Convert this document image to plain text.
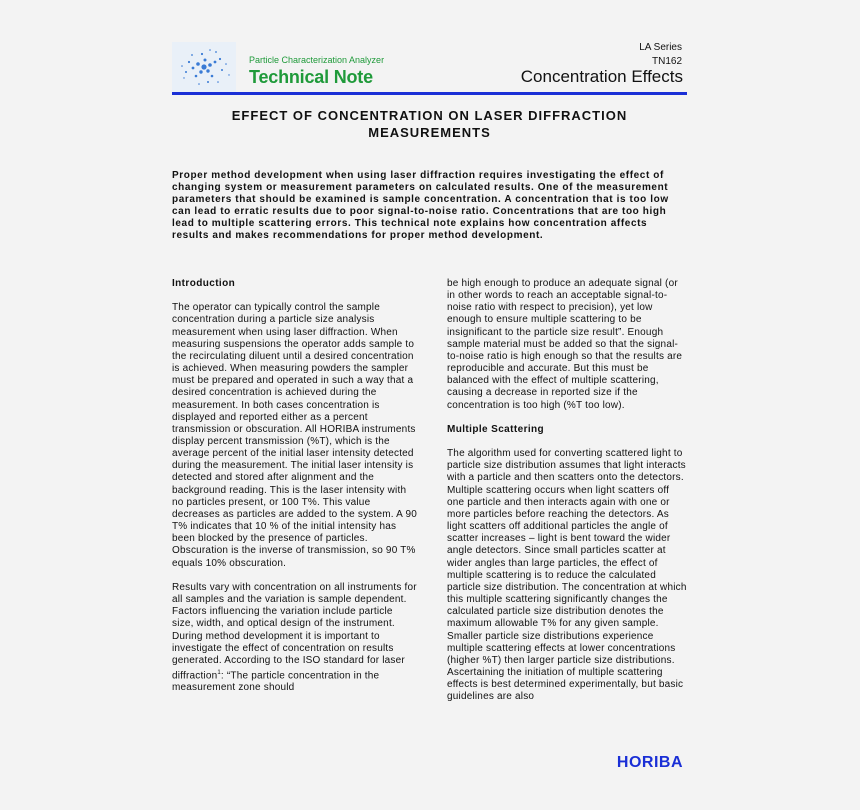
Particle Characterization Analyzer
Technical Note
LA Series
TN162
Concentration Effects
EFFECT OF CONCENTRATION ON LASER DIFFRACTION
MEASUREMENTS

Proper method development when using laser diffraction requires investigating the effect of changing system or measurement parameters on calculated results. One of the measurement parameters that should be examined is sample concentration. A concentration that is too low can lead to erratic results due to poor signal-to-noise ratio. Concentrations that are too high lead to multiple scattering errors. This technical note explains how concentration affects results and makes recommendations for proper method development.

Introduction

The operator can typically control the sample concentration during a particle size analysis measurement when using laser diffraction. When measuring suspensions the operator adds sample to the recirculating diluent until a desired concentration is achieved. When measuring powders the sampler must be prepared and operated in such a way that a desired concentration is achieved during the measurement. In both cases concentration is displayed and reported either as a percent transmission or obscuration. All HORIBA instruments display percent transmission (%T), which is the average percent of the initial laser intensity detected during the measurement. The initial laser intensity is detected and stored after alignment and the background reading. This is the laser intensity with no particles present, or 100 T%. This value decreases as particles are added to the system. A 90 T% indicates that 10 % of the initial intensity has been blocked by the presence of particles. Obscuration is the inverse of transmission, so 90 T% equals 10% obscuration.

Results vary with concentration on all instruments for all samples and the variation is sample dependent. Factors influencing the variation include particle size, width, and optical design of the instrument. During method development it is important to investigate the effect of concentration on results generated. According to the ISO standard for laser diffraction$^1$: “The particle concentration in the measurement zone should

be high enough to produce an adequate signal (or in other words to reach an acceptable signal-to-noise ratio with respect to precision), yet low enough to ensure multiple scattering to be insignificant to the particle size result”. Enough sample material must be added so that the signal-to-noise ratio is high enough so that the results are reproducible and accurate. But this must be balanced with the effect of multiple scattering, causing a decrease in reported size if the concentration is too high (%T too low).

Multiple Scattering

The algorithm used for converting scattered light to particle size distribution assumes that light interacts with a particle and then scatters onto the detectors. Multiple scattering occurs when light scatters off one particle and then interacts again with one or more particles before reaching the detectors. As light scatters off additional particles the angle of scatter increases – light is bent toward the wider angle detectors. Since small particles scatter at wider angles than large particles, the effect of multiple scattering is to reduce the calculated particle size distribution. The concentration at which this multiple scattering significantly changes the calculated particle size distribution denotes the maximum allowable T% for any given sample. Smaller particle size distributions experience multiple scattering effects at lower concentrations (higher %T) then larger particle size distributions. Ascertaining the initiation of multiple scattering effects is best determined experimentally, but basic guidelines are also

HORIBA
